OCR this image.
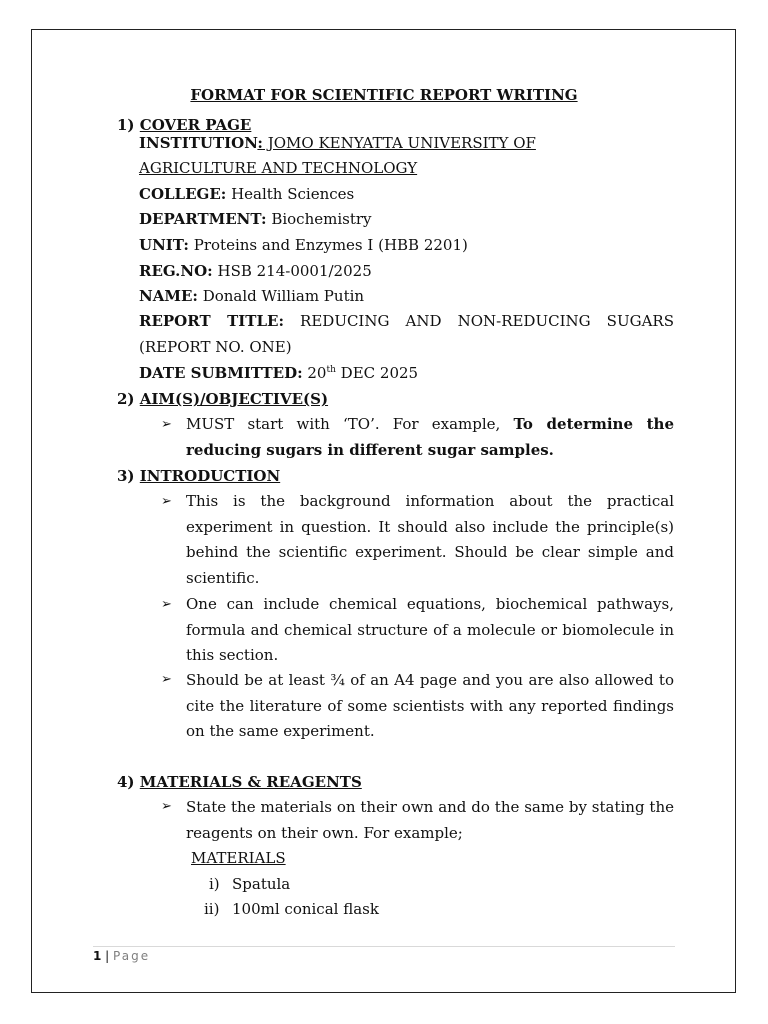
FORMAT FOR SCIENTIFIC REPORT WRITING
1) COVER PAGE
INSTITUTION: JOMO KENYATTA UNIVERSITY OF
AGRICULTURE AND TECHNOLOGY
COLLEGE: Health Sciences
DEPARTMENT: Biochemistry
UNIT: Proteins and Enzymes I (HBB 2201)
REG.NO: HSB 214-0001/2025
NAME: Donald William Putin
REPORT TITLE: REDUCING AND NON-REDUCING SUGARS (REPORT NO. ONE)
DATE SUBMITTED: 20th DEC 2025
2) AIM(S)/OBJECTIVE(S)
➢ MUST start with ‘TO’. For example, To determine the reducing sugars in different sugar samples.
3) INTRODUCTION
➢ This is the background information about the practical experiment in question. It should also include the principle(s) behind the scientific experiment. Should be clear simple and scientific.
➢ One can include chemical equations, biochemical pathways, formula and chemical structure of a molecule or biomolecule in this section.
➢ Should be at least ¾ of an A4 page and you are also allowed to cite the literature of some scientists with any reported findings on the same experiment.
4) MATERIALS & REAGENTS
➢ State the materials on their own and do the same by stating the reagents on their own. For example;
MATERIALS
i) Spatula
ii) 100ml conical flask
1 | Page
